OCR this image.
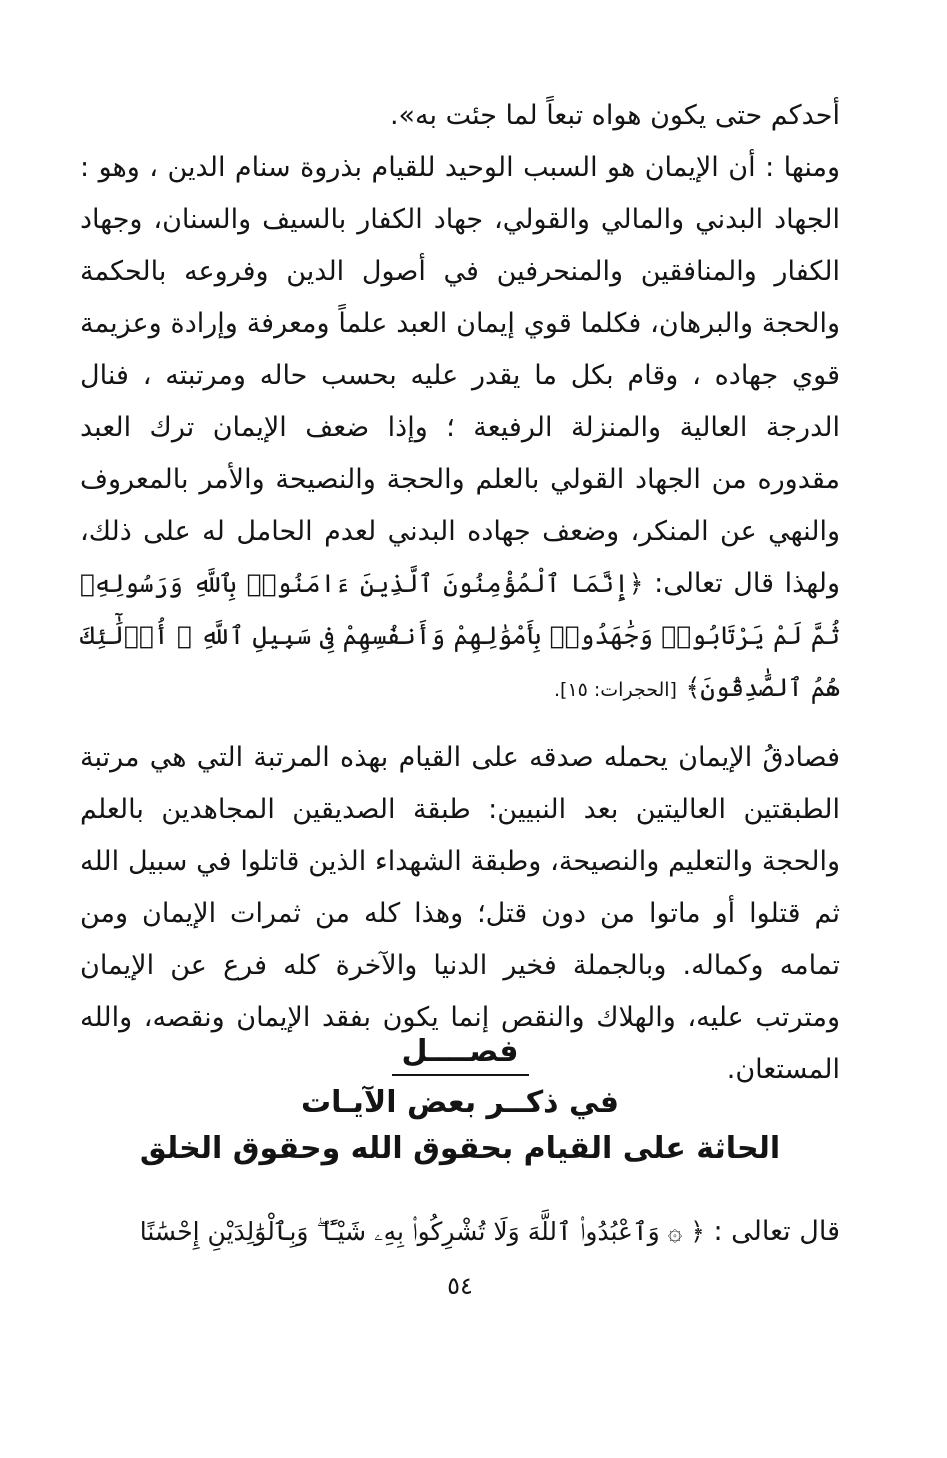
أحدكم حتى يكون هواه تبعاً لما جئت به».

ومنها : أن الإيمان هو السبب الوحيد للقيام بذروة سنام الدين ، وهو : الجهاد البدني والمالي والقولي، جهاد الكفار بالسيف والسنان، وجهاد الكفار والمنافقين والمنحرفين في أصول الدين وفروعه بالحكمة والحجة والبرهان، فكلما قوي إيمان العبد علماً ومعرفة وإرادة وعزيمة قوي جهاده ، وقام بكل ما يقدر عليه بحسب حاله ومرتبته ، فنال الدرجة العالية والمنزلة الرفيعة ؛ وإذا ضعف الإيمان ترك العبد مقدوره من الجهاد القولي بالعلم والحجة والنصيحة والأمر بالمعروف والنهي عن المنكر، وضعف جهاده البدني لعدم الحامل له على ذلك، ولهذا قال تعالى: ﴿إِنَّمَا ٱلْمُؤْمِنُونَ ٱلَّذِينَ ءَامَنُوا۟ بِٱللَّهِ وَرَسُولِهِۦ ثُمَّ لَمْ يَرْتَابُوا۟ وَجَٰهَدُوا۟ بِأَمْوَٰلِهِمْ وَأَنفُسِهِمْ فِى سَبِيلِ ٱللَّهِ ۚ أُو۟لَٰٓئِكَ هُمُ ٱلصَّٰدِقُونَ﴾ [الحجرات: ١٥].

فصادقُ الإيمان يحمله صدقه على القيام بهذه المرتبة التي هي مرتبة الطبقتين العاليتين بعد النبيين: طبقة الصديقين المجاهدين بالعلم والحجة والتعليم والنصيحة، وطبقة الشهداء الذين قاتلوا في سبيل الله ثم قتلوا أو ماتوا من دون قتل؛ وهذا كله من ثمرات الإيمان ومن تمامه وكماله. وبالجملة فخير الدنيا والآخرة كله فرع عن الإيمان ومترتب عليه، والهلاك والنقص إنما يكون بفقد الإيمان ونقصه، والله المستعان.

فصــــل

في ذكــر بعض الآيـات

الحاثة على القيام بحقوق الله وحقوق الخلق

قال تعالى : ﴿ ۞ وَٱعْبُدُوا۟ ٱللَّهَ وَلَا تُشْرِكُوا۟ بِهِۦ شَيْـًٔا ۖ وَبِٱلْوَٰلِدَيْنِ إِحْسَٰنًا

٥٤
